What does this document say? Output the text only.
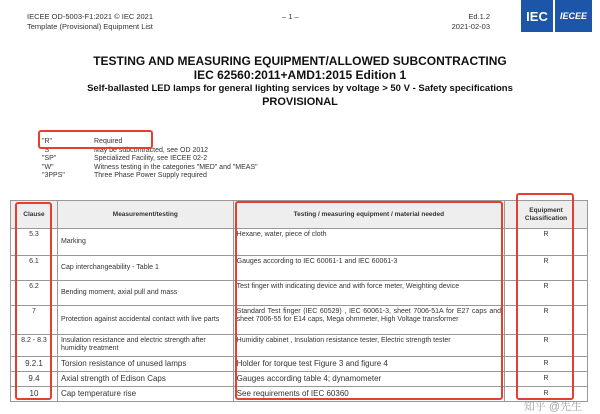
IECEE OD-5003-F1:2021 © IEC 2021
Template (Provisional) Equipment List
– 1 –	Ed.1.2
2021-02-03
IEC	IECEE
TESTING AND MEASURING EQUIPMENT/ALLOWED SUBCONTRACTING
IEC 62560:2011+AMD1:2015 Edition 1
Self-ballasted LED lamps for general lighting services by voltage > 50 V - Safety specifications
PROVISIONAL
"R"	Required
"S"	May be subcontracted, see OD 2012
"SP"	Specialized Facility, see IECEE 02-2
"W"	Witness testing in the categories "MED" and "MEAS"
"3PPS"	Three Phase Power Supply required
Clause	Measurement/testing	Testing / measuring equipment / material needed	Equipment Classification
5.3	Marking	Hexane, water, piece of cloth	R
6.1	Cap interchangeability - Table 1	Gauges according to IEC 60061-1 and IEC 60061-3	R
6.2	Bending moment, axial pull and mass	Test finger with indicating device and with force meter, Weighting device	R
7	Protection against accidental contact with live parts	Standard Test finger (IEC 60529) , IEC 60061-3, sheet 7006-51A for E27 caps and sheet 7006-55 for E14 caps, Mega ohmmeter, High Voltage transformer	R
8.2 - 8.3	Insulation resistance and electric strength after humidity treatment	Humidity cabinet , Insulation resistance tester, Electric strength tester	R
9.2.1	Torsion resistance of unused lamps	Holder for torque test Figure 3 and figure 4	R
9.4	Axial strength of Edison Caps	Gauges according table 4; dynamometer	R
10	Cap temperature rise	See requirements of IEC 60360	R
知乎 @先生
